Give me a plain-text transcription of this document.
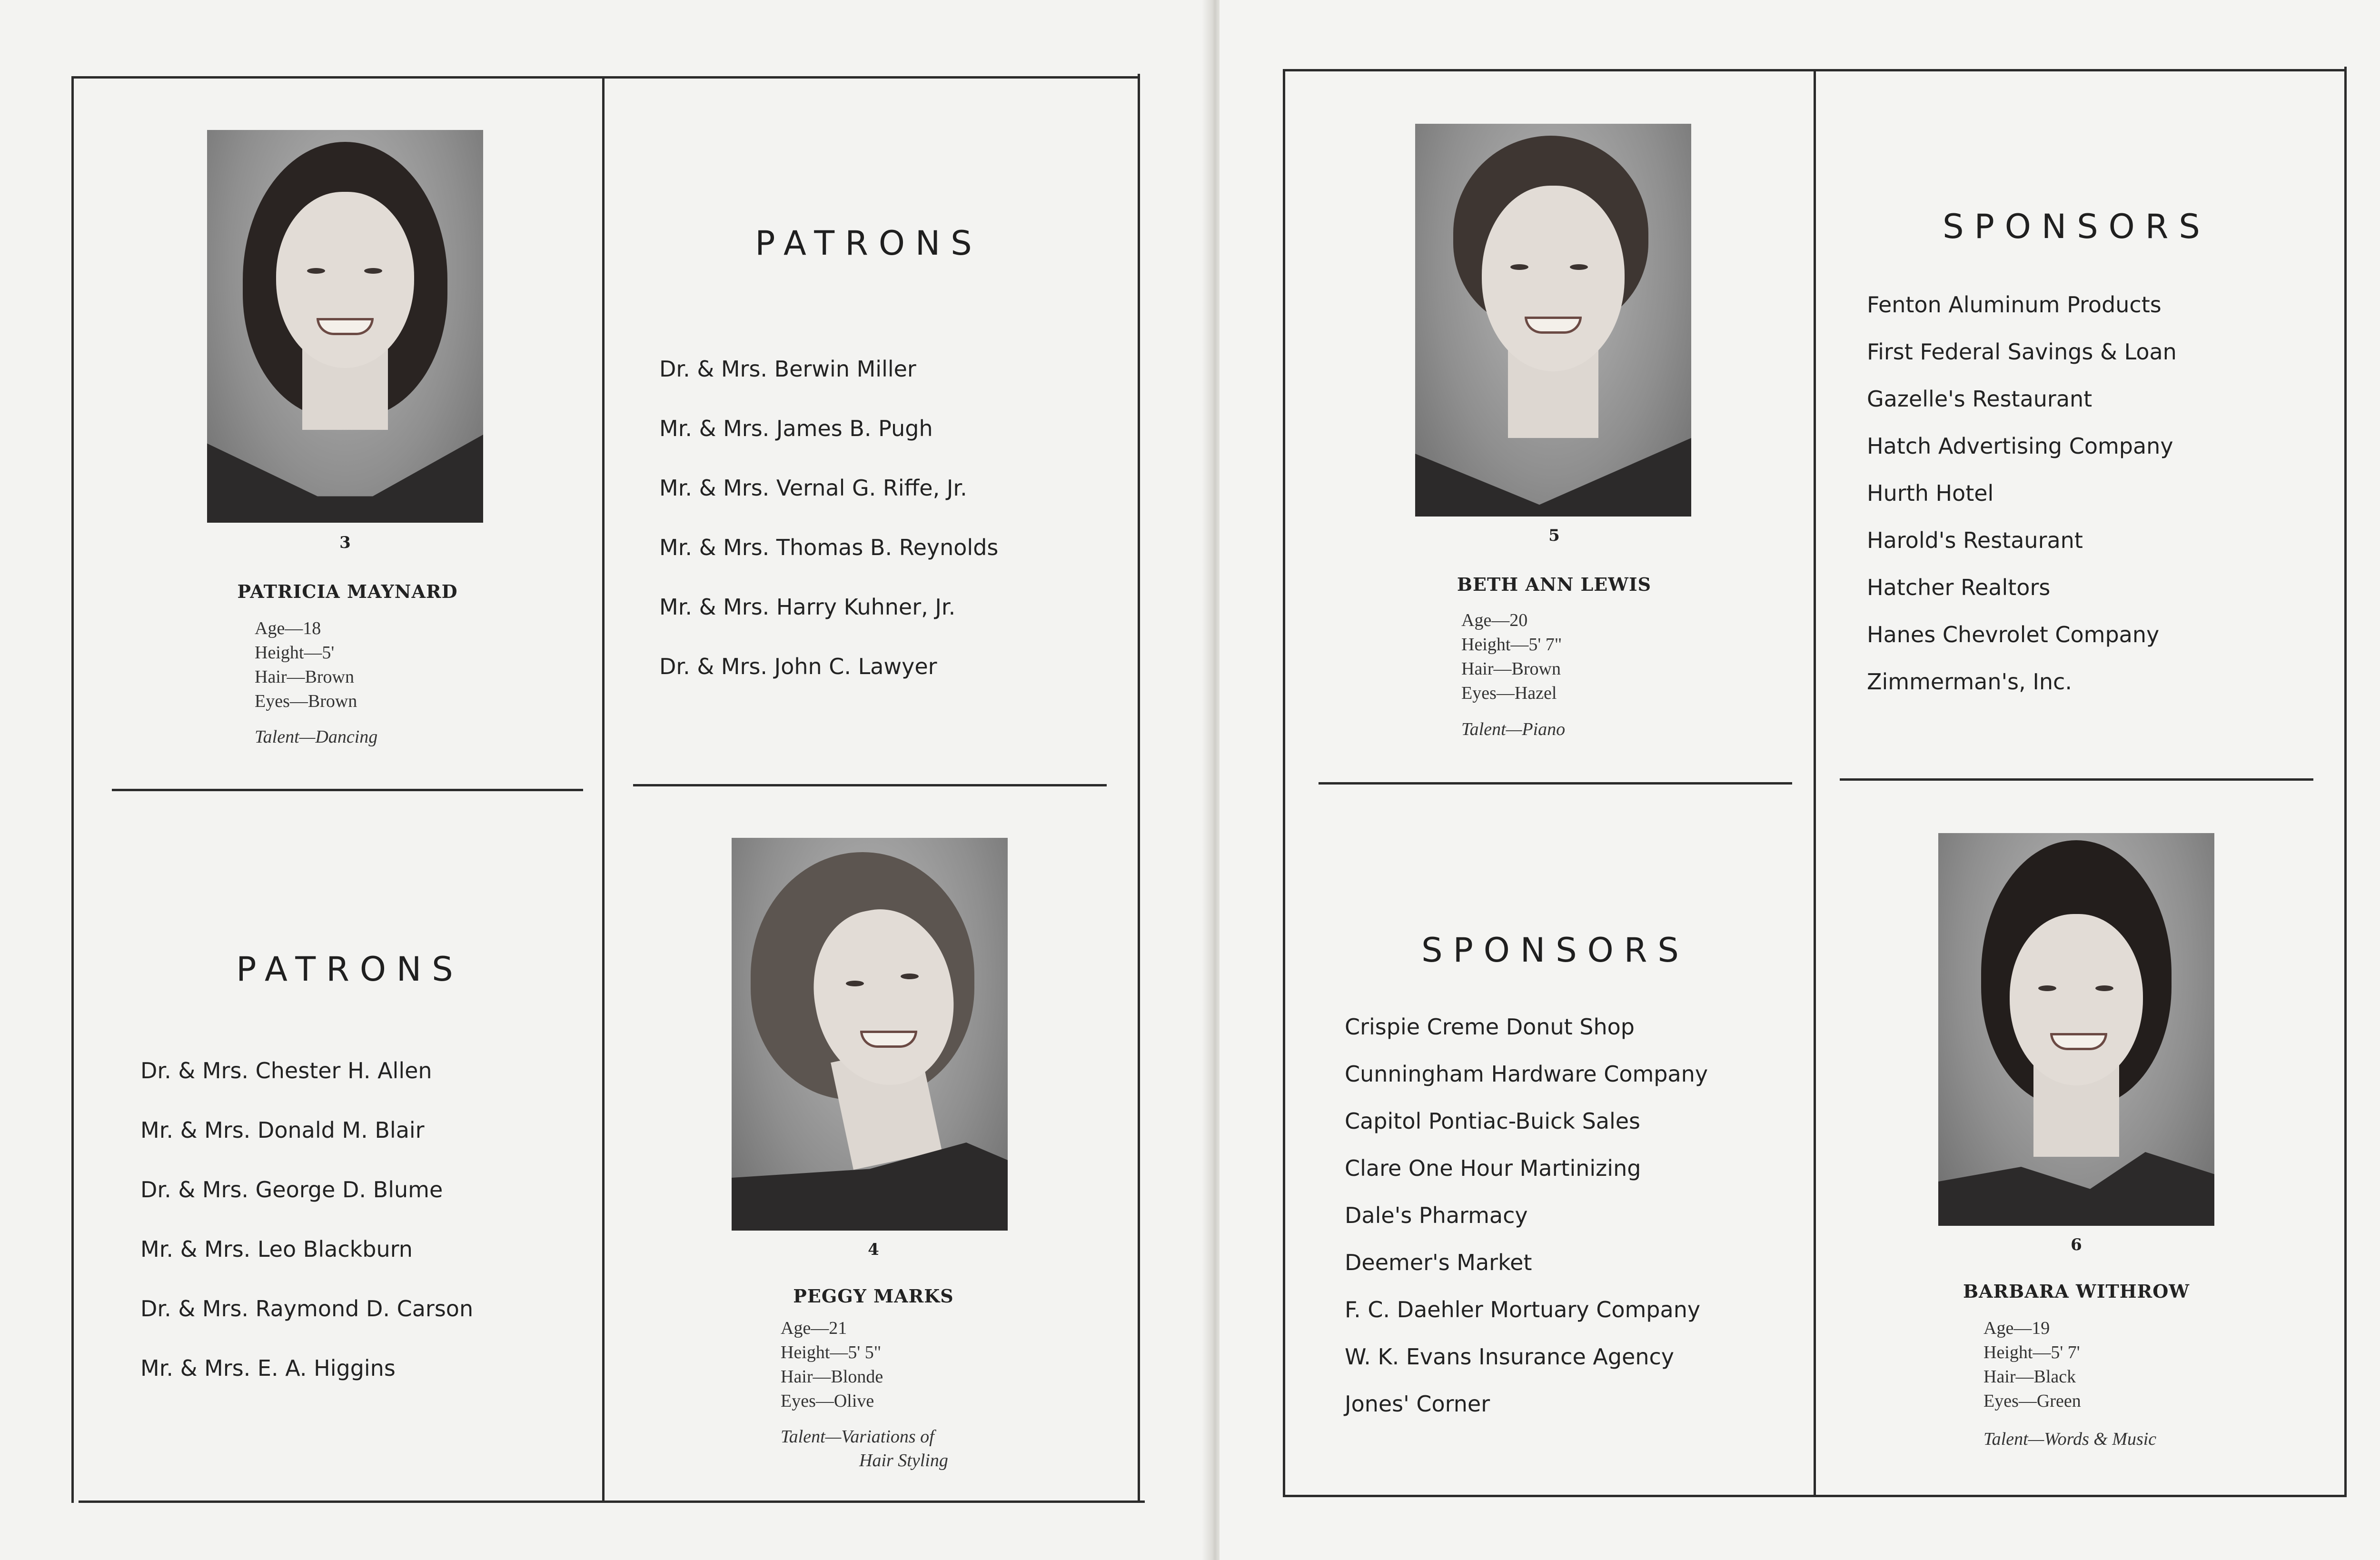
3
PATRICIA MAYNARD
Age—18
Height—5'
Hair—Brown
Eyes—Brown
Talent—Dancing
PATRONS
Dr. & Mrs. Berwin Miller
Mr. & Mrs. James B. Pugh
Mr. & Mrs. Vernal G. Riffe, Jr.
Mr. & Mrs. Thomas B. Reynolds
Mr. & Mrs. Harry Kuhner, Jr.
Dr. & Mrs. John C. Lawyer
PATRONS
Dr. & Mrs. Chester H. Allen
Mr. & Mrs. Donald M. Blair
Dr. & Mrs. George D. Blume
Mr. & Mrs. Leo Blackburn
Dr. & Mrs. Raymond D. Carson
Mr. & Mrs. E. A. Higgins
4
PEGGY MARKS
Age—21
Height—5' 5"
Hair—Blonde
Eyes—Olive
Talent—Variations of
Hair Styling
5
BETH ANN LEWIS
Age—20
Height—5' 7"
Hair—Brown
Eyes—Hazel
Talent—Piano
SPONSORS
Fenton Aluminum Products
First Federal Savings & Loan
Gazelle's Restaurant
Hatch Advertising Company
Hurth Hotel
Harold's Restaurant
Hatcher Realtors
Hanes Chevrolet Company
Zimmerman's, Inc.
SPONSORS
Crispie Creme Donut Shop
Cunningham Hardware Company
Capitol Pontiac-Buick Sales
Clare One Hour Martinizing
Dale's Pharmacy
Deemer's Market
F. C. Daehler Mortuary Company
W. K. Evans Insurance Agency
Jones' Corner
6
BARBARA WITHROW
Age—19
Height—5' 7'
Hair—Black
Eyes—Green
Talent—Words & Music
